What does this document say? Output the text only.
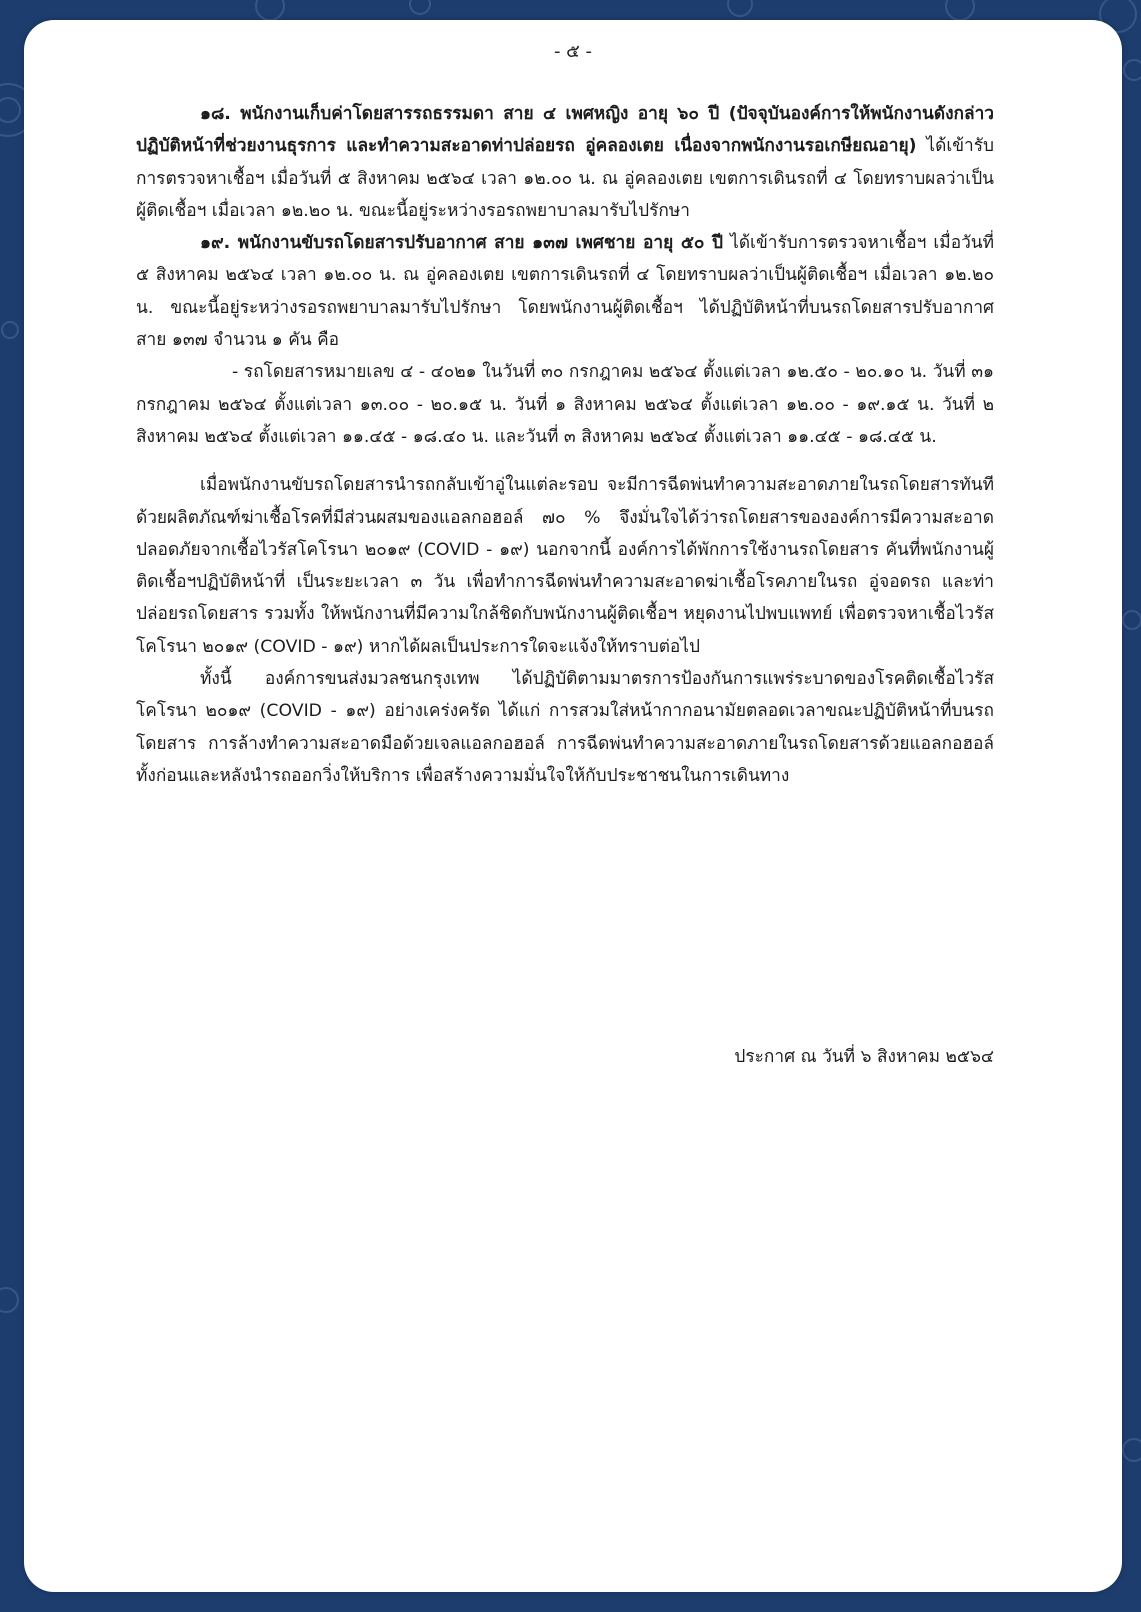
- ๕ -

๑๘. พนักงานเก็บค่าโดยสารรถธรรมดา สาย ๔ เพศหญิง อายุ ๖๐ ปี (ปัจจุบันองค์การให้พนักงานดังกล่าว ปฏิบัติหน้าที่ช่วยงานธุรการ และทำความสะอาดท่าปล่อยรถ อู่คลองเตย เนื่องจากพนักงานรอเกษียณอายุ) ได้เข้ารับการตรวจหาเชื้อฯ เมื่อวันที่ ๕ สิงหาคม ๒๕๖๔ เวลา ๑๒.๐๐ น. ณ อู่คลองเตย เขตการเดินรถที่ ๔ โดยทราบผลว่าเป็นผู้ติดเชื้อฯ เมื่อเวลา ๑๒.๒๐ น. ขณะนี้อยู่ระหว่างรอรถพยาบาลมารับไปรักษา

๑๙. พนักงานขับรถโดยสารปรับอากาศ สาย ๑๓๗ เพศชาย อายุ ๕๐ ปี ได้เข้ารับการตรวจหาเชื้อฯ เมื่อวันที่ ๕ สิงหาคม ๒๕๖๔ เวลา ๑๒.๐๐ น. ณ อู่คลองเตย เขตการเดินรถที่ ๔ โดยทราบผลว่าเป็นผู้ติดเชื้อฯ เมื่อเวลา ๑๒.๒๐ น. ขณะนี้อยู่ระหว่างรอรถพยาบาลมารับไปรักษา โดยพนักงานผู้ติดเชื้อฯ ได้ปฏิบัติหน้าที่บนรถโดยสารปรับอากาศ สาย ๑๓๗ จำนวน ๑ คัน คือ

- รถโดยสารหมายเลข ๔ - ๔๐๒๑ ในวันที่ ๓๐ กรกฎาคม ๒๕๖๔ ตั้งแต่เวลา ๑๒.๕๐ - ๒๐.๑๐ น. วันที่ ๓๑ กรกฎาคม ๒๕๖๔ ตั้งแต่เวลา ๑๓.๐๐ - ๒๐.๑๕ น. วันที่ ๑ สิงหาคม ๒๕๖๔ ตั้งแต่เวลา ๑๒.๐๐ - ๑๙.๑๕ น. วันที่ ๒ สิงหาคม ๒๕๖๔ ตั้งแต่เวลา ๑๑.๔๕ - ๑๘.๔๐ น. และวันที่ ๓ สิงหาคม ๒๕๖๔ ตั้งแต่เวลา ๑๑.๔๕ - ๑๘.๔๕ น.

เมื่อพนักงานขับรถโดยสารนำรถกลับเข้าอู่ในแต่ละรอบ จะมีการฉีดพ่นทำความสะอาดภายในรถโดยสารทันทีด้วยผลิตภัณฑ์ฆ่าเชื้อโรคที่มีส่วนผสมของแอลกอฮอล์ ๗๐ % จึงมั่นใจได้ว่ารถโดยสารขององค์การมีความสะอาด ปลอดภัยจากเชื้อไวรัสโคโรนา ๒๐๑๙ (COVID - ๑๙) นอกจากนี้ องค์การได้พักการใช้งานรถโดยสาร คันที่พนักงานผู้ติดเชื้อฯปฏิบัติหน้าที่ เป็นระยะเวลา ๓ วัน เพื่อทำการฉีดพ่นทำความสะอาดฆ่าเชื้อโรคภายในรถ อู่จอดรถ และท่าปล่อยรถโดยสาร รวมทั้ง ให้พนักงานที่มีความใกล้ชิดกับพนักงานผู้ติดเชื้อฯ หยุดงานไปพบแพทย์ เพื่อตรวจหาเชื้อไวรัสโคโรนา ๒๐๑๙ (COVID - ๑๙) หากได้ผลเป็นประการใดจะแจ้งให้ทราบต่อไป

ทั้งนี้ องค์การขนส่งมวลชนกรุงเทพ ได้ปฏิบัติตามมาตรการป้องกันการแพร่ระบาดของโรคติดเชื้อไวรัสโคโรนา ๒๐๑๙ (COVID - ๑๙) อย่างเคร่งครัด ได้แก่ การสวมใส่หน้ากากอนามัยตลอดเวลาขณะปฏิบัติหน้าที่บนรถโดยสาร การล้างทำความสะอาดมือด้วยเจลแอลกอฮอล์ การฉีดพ่นทำความสะอาดภายในรถโดยสารด้วยแอลกอฮอล์ ทั้งก่อนและหลังนำรถออกวิ่งให้บริการ เพื่อสร้างความมั่นใจให้กับประชาชนในการเดินทาง

ประกาศ ณ วันที่ ๖ สิงหาคม ๒๕๖๔
